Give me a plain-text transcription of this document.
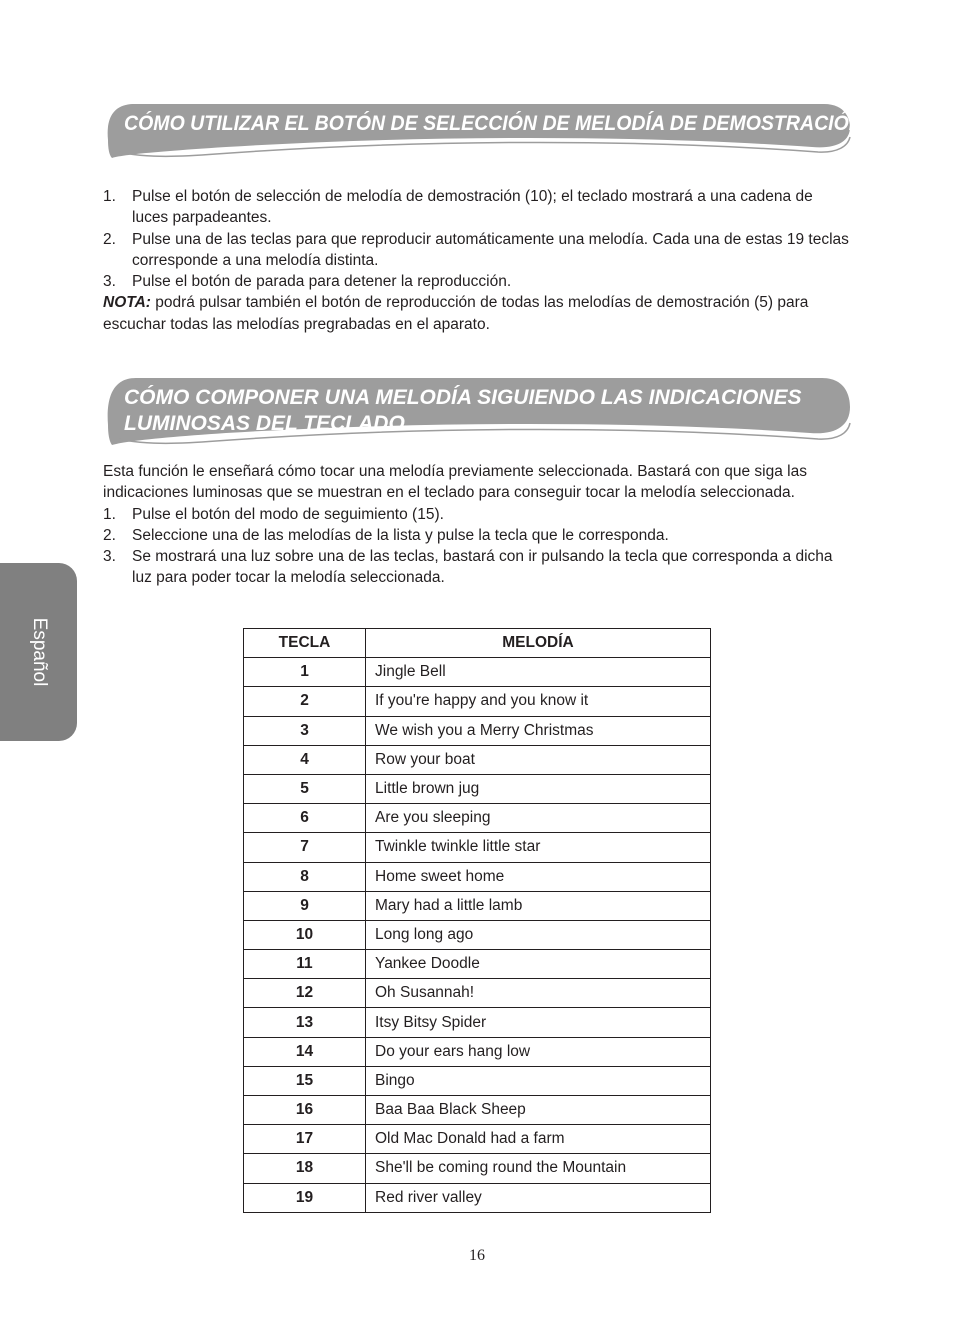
CÓMO UTILIZAR EL BOTÓN DE SELECCIÓN DE MELODÍA DE DEMOSTRACIÓN
1. Pulse el botón de selección de melodía de demostración (10); el teclado mostrará a una cadena de luces parpadeantes.
2. Pulse una de las teclas para que reproducir automáticamente una melodía. Cada una de estas 19 teclas corresponde a una melodía distinta.
3. Pulse el botón de parada para detener la reproducción.

NOTA: podrá pulsar también el botón de reproducción de todas las melodías de demostración (5) para escuchar todas las melodías pregrabadas en el aparato.

CÓMO COMPONER UNA MELODÍA SIGUIENDO LAS INDICACIONES LUMINOSAS DEL TECLADO

Esta función le enseñará cómo tocar una melodía previamente seleccionada. Bastará con que siga las indicaciones luminosas que se muestran en el teclado para conseguir tocar la melodía seleccionada.

1. Pulse el botón del modo de seguimiento (15).
2. Seleccione una de las melodías de la lista y pulse la tecla que le corresponda.
3. Se mostrará una luz sobre una de las teclas, bastará con ir pulsando la tecla que corresponda a dicha luz para poder tocar la melodía seleccionada.
Español	TECLA	MELODÍA
1	Jingle Bell
2	If you're happy and you know it
3	We wish you a Merry Christmas
4	Row your boat
5	Little brown jug
6	Are you sleeping
7	Twinkle twinkle little star
8	Home sweet home
9	Mary had a little lamb
10	Long long ago
11	Yankee Doodle
12	Oh Susannah!
13	Itsy Bitsy Spider
14	Do your ears hang low
15	Bingo
16	Baa Baa Black Sheep
17	Old Mac Donald had a farm
18	She'll be coming round the Mountain
19	Red river valley
16
